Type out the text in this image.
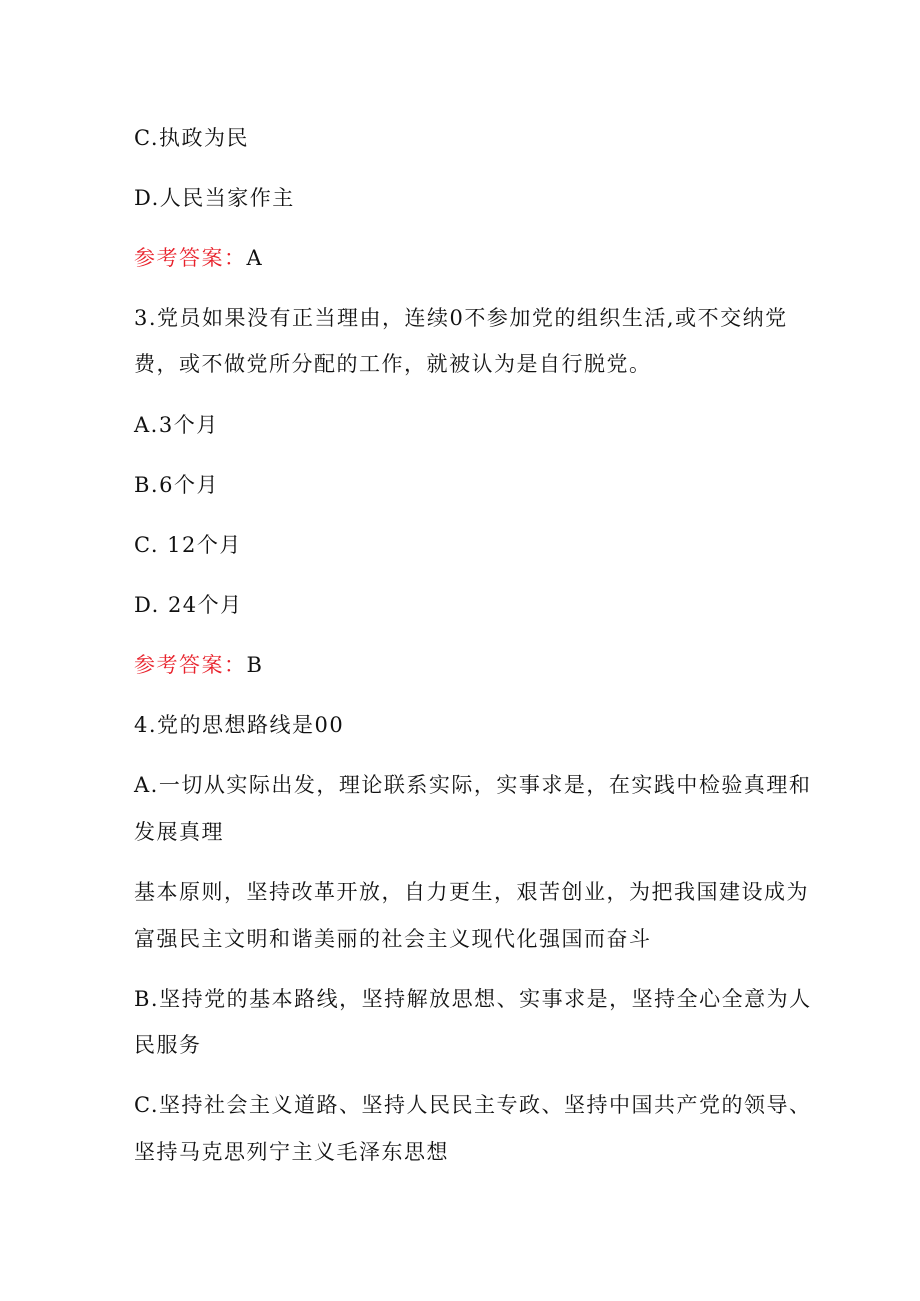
C.执政为民
D.人民当家作主
参考答案：A
3.党员如果没有正当理由，连续0不参加党的组织生活,或不交纳党
费，或不做党所分配的工作，就被认为是自行脱党。
A.3个月
B.6个月
C. 12个月
D. 24个月
参考答案：B
4.党的思想路线是00
A.一切从实际出发，理论联系实际，实事求是，在实践中检验真理和
发展真理
基本原则，坚持改革开放，自力更生，艰苦创业，为把我国建设成为
富强民主文明和谐美丽的社会主义现代化强国而奋斗
B.坚持党的基本路线，坚持解放思想、实事求是，坚持全心全意为人
民服务
C.坚持社会主义道路、坚持人民民主专政、坚持中国共产党的领导、
坚持马克思列宁主义毛泽东思想
